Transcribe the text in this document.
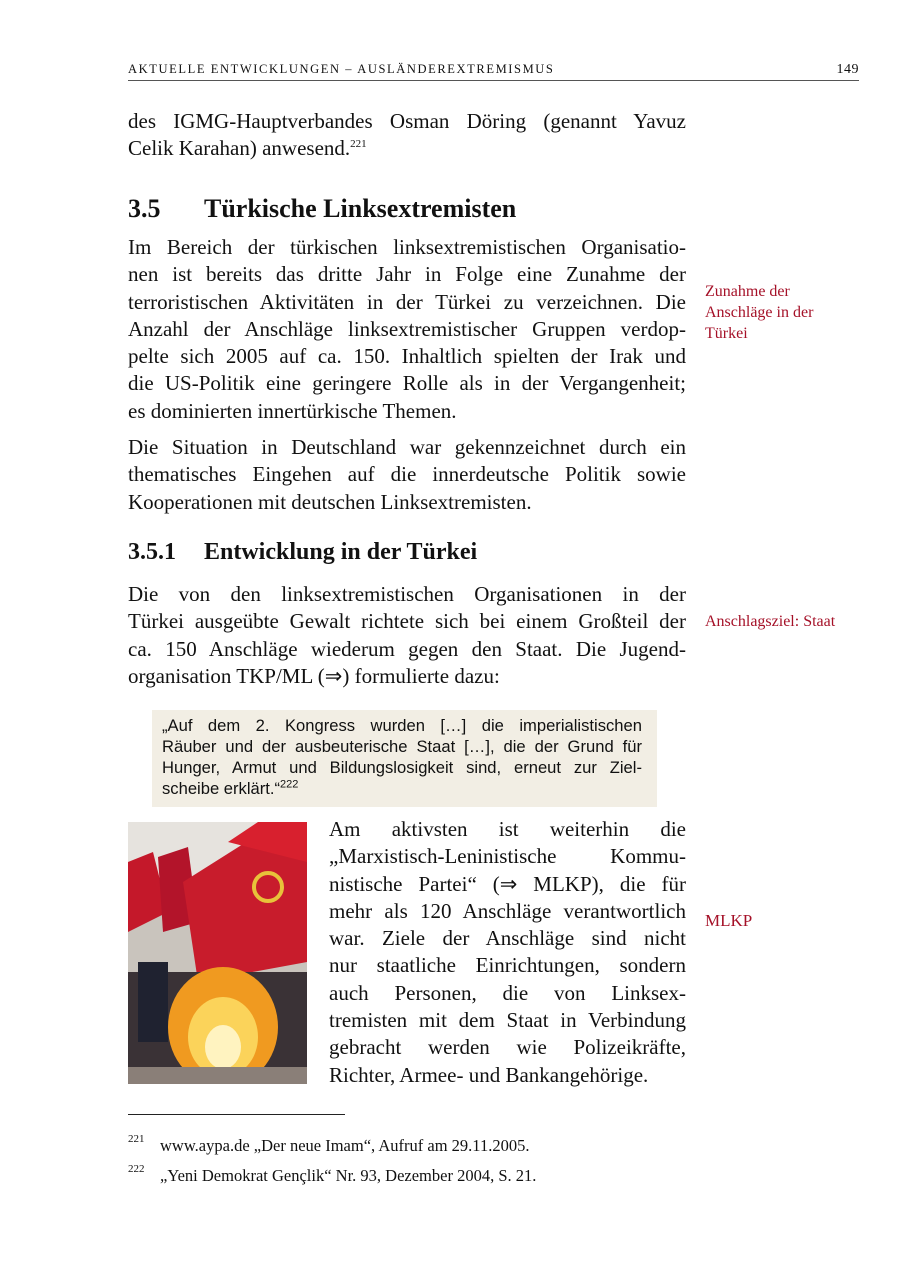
AKTUELLE ENTWICKLUNGEN – AUSLÄNDEREXTREMISMUS	149
des IGMG-Hauptverbandes Osman Döring (genannt Yavuz
Celik Karahan) anwesend.$^{221}$
3.5 Türkische Linksextremisten
Im Bereich der türkischen linksextremistischen Organisatio-
nen ist bereits das dritte Jahr in Folge eine Zunahme der
terroristischen Aktivitäten in der Türkei zu verzeichnen. Die
Anzahl der Anschläge linksextremistischer Gruppen verdop-
pelte sich 2005 auf ca. 150. Inhaltlich spielten der Irak und
die US-Politik eine geringere Rolle als in der Vergangenheit;
es dominierten innertürkische Themen.
Die Situation in Deutschland war gekennzeichnet durch ein
thematisches Eingehen auf die innerdeutsche Politik sowie
Kooperationen mit deutschen Linksextremisten.
3.5.1 Entwicklung in der Türkei
Die von den linksextremistischen Organisationen in der
Türkei ausgeübte Gewalt richtete sich bei einem Großteil der
ca. 150 Anschläge wiederum gegen den Staat. Die Jugend-
organisation TKP/ML (⇒) formulierte dazu:
„Auf dem 2. Kongress wurden […] die imperialistischen
Räuber und der ausbeuterische Staat […], die der Grund für
Hunger, Armut und Bildungslosigkeit sind, erneut zur Ziel-
scheibe erklärt.“$^{222}$
Am aktivsten ist weiterhin die
„Marxistisch-Leninistische Kommu-
nistische Partei“ (⇒ MLKP), die für
mehr als 120 Anschläge verantwortlich
war. Ziele der Anschläge sind nicht
nur staatliche Einrichtungen, sondern
auch Personen, die von Linksex-
tremisten mit dem Staat in Verbindung
gebracht werden wie Polizeikräfte,
Richter, Armee- und Bankangehörige.
Zunahme der
Anschläge in der
Türkei
Anschlagsziel: Staat
MLKP
221 www.aypa.de „Der neue Imam“, Aufruf am 29.11.2005.
222 „Yeni Demokrat Gençlik“ Nr. 93, Dezember 2004, S. 21.
